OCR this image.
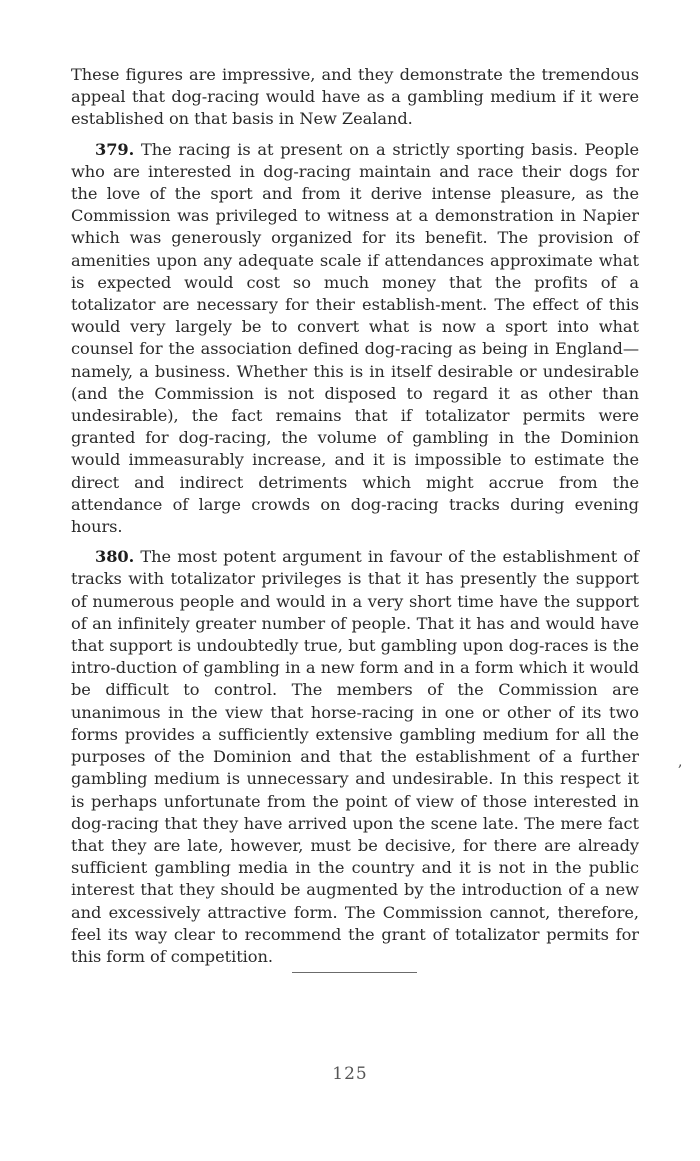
These figures are impressive, and they demonstrate the tremendous appeal that dog-racing would have as a gambling medium if it were established on that basis in New Zealand.

379. The racing is at present on a strictly sporting basis. People who are interested in dog-racing maintain and race their dogs for the love of the sport and from it derive intense pleasure, as the Commission was privileged to witness at a demonstration in Napier which was generously organized for its benefit. The provision of amenities upon any adequate scale if attendances approximate what is expected would cost so much money that the profits of a totalizator are necessary for their establish-ment. The effect of this would very largely be to convert what is now a sport into what counsel for the association defined dog-racing as being in England—namely, a business. Whether this is in itself desirable or undesirable (and the Commission is not disposed to regard it as other than undesirable), the fact remains that if totalizator permits were granted for dog-racing, the volume of gambling in the Dominion would immeasurably increase, and it is impossible to estimate the direct and indirect detriments which might accrue from the attendance of large crowds on dog-racing tracks during evening hours.

380. The most potent argument in favour of the establishment of tracks with totalizator privileges is that it has presently the support of numerous people and would in a very short time have the support of an infinitely greater number of people. That it has and would have that support is undoubtedly true, but gambling upon dog-races is the intro-duction of gambling in a new form and in a form which it would be difficult to control. The members of the Commission are unanimous in the view that horse-racing in one or other of its two forms provides a sufficiently extensive gambling medium for all the purposes of the Dominion and that the establishment of a further gambling medium is unnecessary and undesirable. In this respect it is perhaps unfortunate from the point of view of those interested in dog-racing that they have arrived upon the scene late. The mere fact that they are late, however, must be decisive, for there are already sufficient gambling media in the country and it is not in the public interest that they should be augmented by the introduction of a new and excessively attractive form. The Commission cannot, therefore, feel its way clear to recommend the grant of totalizator permits for this form of competition.

,
125
